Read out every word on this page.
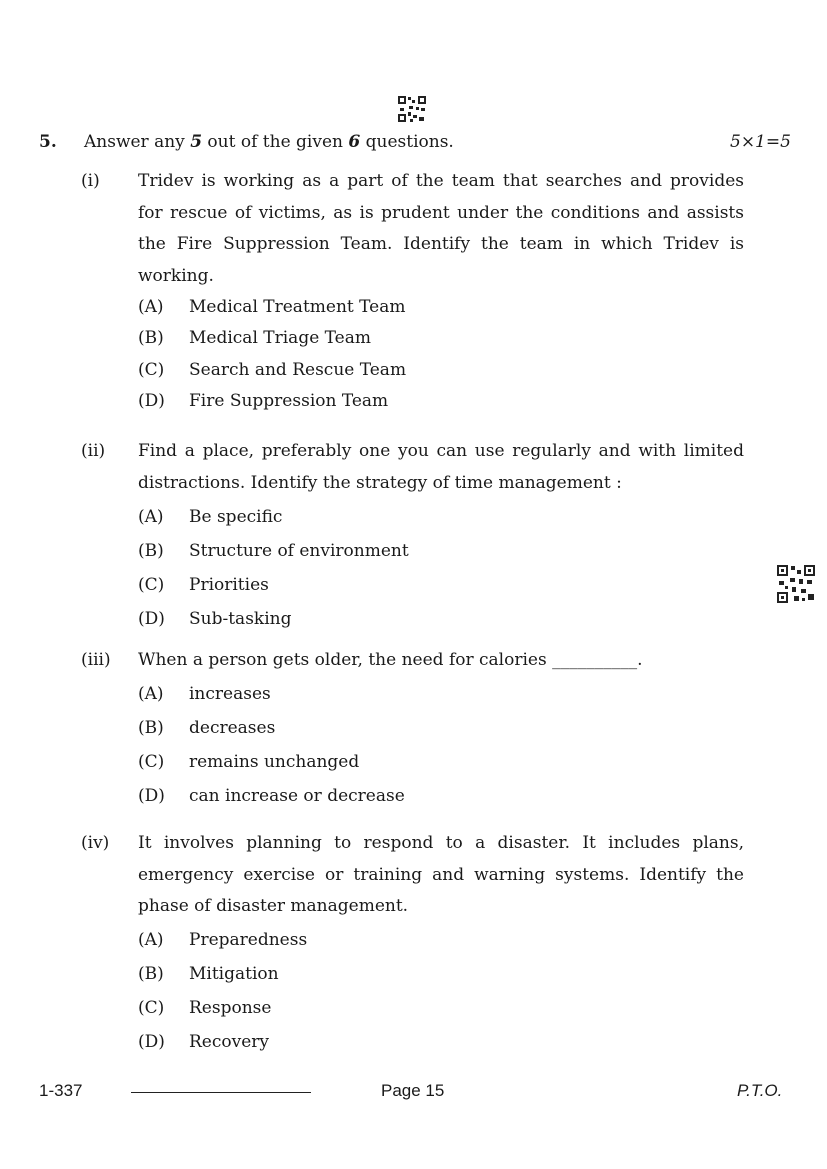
5. Answer any 5 out of the given 6 questions.	5×1=5
(i) Tridev is working as a part of the team that searches and provides
for rescue of victims, as is prudent under the conditions and assists
the Fire Suppression Team. Identify the team in which Tridev is
working.
(A) Medical Treatment Team
(B) Medical Triage Team
(C) Search and Rescue Team
(D) Fire Suppression Team
(ii) Find a place, preferably one you can use regularly and with limited
distractions. Identify the strategy of time management :
(A) Be specific
(B) Structure of environment
(C) Priorities
(D) Sub-tasking
(iii) When a person gets older, the need for calories __________.
(A) increases
(B) decreases
(C) remains unchanged
(D) can increase or decrease
(iv) It involves planning to respond to a disaster. It includes plans,
emergency exercise or training and warning systems. Identify the
phase of disaster management.
(A) Preparedness
(B) Mitigation
(C) Response
(D) Recovery
1-337	Page 15	P.T.O.
